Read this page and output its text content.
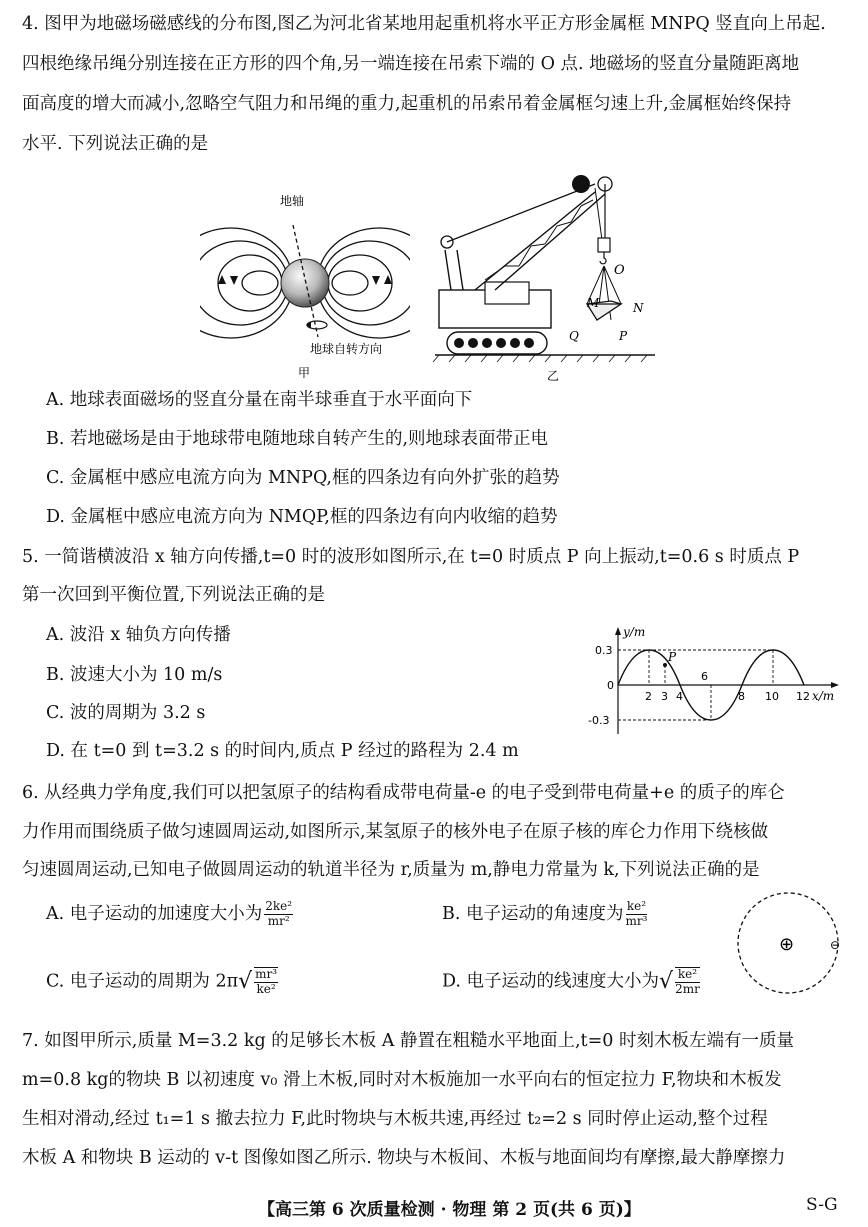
4. 图甲为地磁场磁感线的分布图,图乙为河北省某地用起重机将水平正方形金属框 MNPQ 竖直向上吊起.
四根绝缘吊绳分别连接在正方形的四个角,另一端连接在吊索下端的 O 点. 地磁场的竖直分量随距离地
面高度的增大而减小,忽略空气阻力和吊绳的重力,起重机的吊索吊着金属框匀速上升,金属框始终保持
水平. 下列说法正确的是
地轴
地球自转方向
甲
O
M	N
Q	P
乙
A. 地球表面磁场的竖直分量在南半球垂直于水平面向下
B. 若地磁场是由于地球带电随地球自转产生的,则地球表面带正电
C. 金属框中感应电流方向为 MNPQ,框的四条边有向外扩张的趋势
D. 金属框中感应电流方向为 NMQP,框的四条边有向内收缩的趋势
5. 一简谐横波沿 x 轴方向传播,t=0 时的波形如图所示,在 t=0 时质点 P 向上振动,t=0.6 s 时质点 P
第一次回到平衡位置,下列说法正确的是
A. 波沿 x 轴负方向传播
B. 波速大小为 10 m/s
C. 波的周期为 3.2 s
D. 在 t=0 到 t=3.2 s 的时间内,质点 P 经过的路程为 2.4 m
P
y/m
x/m
0.3
0
-0.3
2 3 4
6
8 10 12
6. 从经典力学角度,我们可以把氢原子的结构看成带电荷量-e 的电子受到带电荷量+e 的质子的库仑
力作用而围绕质子做匀速圆周运动,如图所示,某氢原子的核外电子在原子核的库仑力作用下绕核做
匀速圆周运动,已知电子做圆周运动的轨道半径为 r,质量为 m,静电力常量为 k,下列说法正确的是
A. 电子运动的加速度大小为 $\frac{\text{2ke²}}{\text{mr²}}$	B. 电子运动的角速度为 $\frac{\text{ke²}}{\text{mr³}}$
C. 电子运动的周期为 $2\pi√ \frac{\text{mr³}}{\text{ke²}}$	D. 电子运动的线速度大小为√ $\frac{\text{ke²}}{2mr}$
⊕	⊖
7. 如图甲所示,质量 M=3.2 kg 的足够长木板 A 静置在粗糙水平地面上,t=0 时刻木板左端有一质量
m=0.8 kg的物块 B 以初速度 v₀ 滑上木板,同时对木板施加一水平向右的恒定拉力 F,物块和木板发
生相对滑动,经过 t₁=1 s 撤去拉力 F,此时物块与木板共速,再经过 t₂=2 s 同时停止运动,整个过程
木板 A 和物块 B 运动的 v-t 图像如图乙所示. 物块与木板间、木板与地面间均有摩擦,最大静摩擦力
【高三第 6 次质量检测 · 物理 第 2 页(共 6 页)】	S-G
